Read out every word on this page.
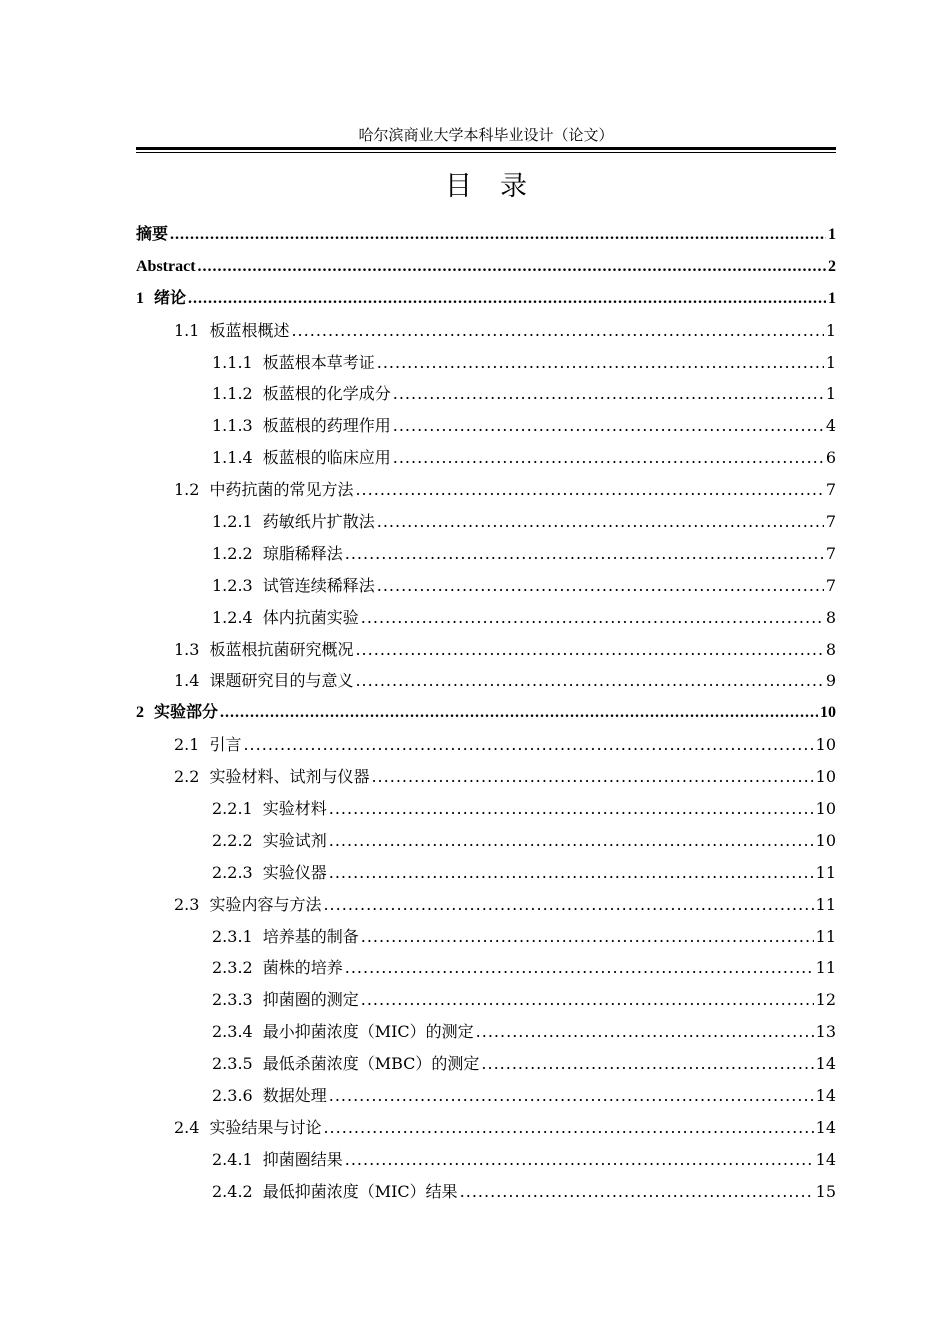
哈尔滨商业大学本科毕业设计（论文）
目录
摘要 .....	1
Abstract .....	2
1 绪论 .....	1
1.1 板蓝根概述 .....	1
1.1.1 板蓝根本草考证 .....	1
1.1.2 板蓝根的化学成分 .....	1
1.1.3 板蓝根的药理作用 .....	4
1.1.4 板蓝根的临床应用 .....	6
1.2 中药抗菌的常见方法 .....	7
1.2.1 药敏纸片扩散法 .....	7
1.2.2 琼脂稀释法 .....	7
1.2.3 试管连续稀释法 .....	7
1.2.4 体内抗菌实验 .....	8
1.3 板蓝根抗菌研究概况 .....	8
1.4 课题研究目的与意义 .....	9
2 实验部分 .....	10
2.1 引言 .....	10
2.2 实验材料、试剂与仪器 .....	10
2.2.1 实验材料 .....	10
2.2.2 实验试剂 .....	10
2.2.3 实验仪器 .....	11
2.3 实验内容与方法 .....	11
2.3.1 培养基的制备 .....	11
2.3.2 菌株的培养 .....	11
2.3.3 抑菌圈的测定 .....	12
2.3.4 最小抑菌浓度（MIC）的测定 .....	13
2.3.5 最低杀菌浓度（MBC）的测定 .....	14
2.3.6 数据处理 .....	14
2.4 实验结果与讨论 .....	14
2.4.1 抑菌圈结果 .....	14
2.4.2 最低抑菌浓度（MIC）结果 .....	15
